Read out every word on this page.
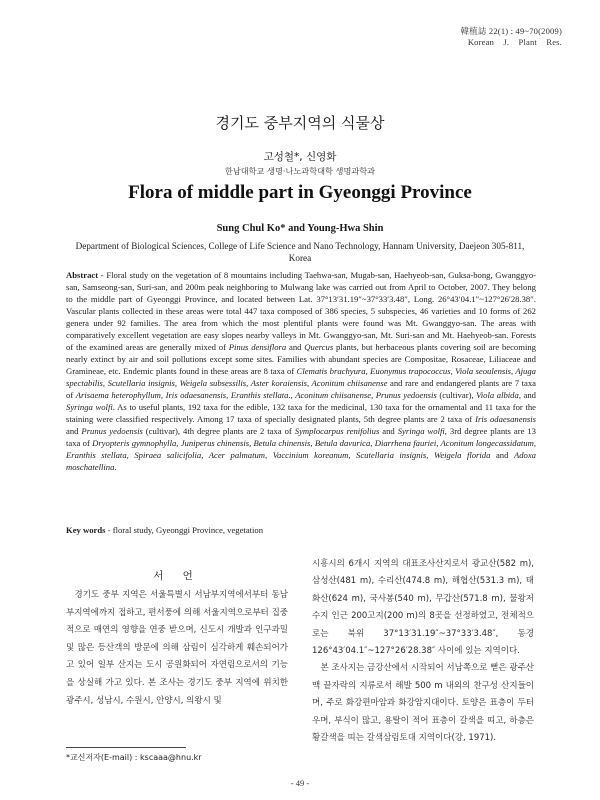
韓植誌 22(1) : 49~70(2009)
Korean J. Plant Res.
경기도 중부지역의 식물상
고성철*, 신영화
한남대학교 생명·나노과학대학 생명과학과
Flora of middle part in Gyeonggi Province
Sung Chul Ko* and Young-Hwa Shin
Department of Biological Sciences, College of Life Science and Nano Technology, Hannam University, Daejeon 305-811, Korea
Abstract - Floral study on the vegetation of 8 mountains including Taehwa-san, Mugab-san, Haehyeob-san, Guksa-bong, Gwanggyo-san, Samseong-san, Suri-san, and 200m peak neighboring to Mulwang lake was carried out from April to October, 2007. They belong to the middle part of Gyeonggi Province, and located between Lat. 37°13′31.19″~37°33′3.48″, Long. 26°43′04.1″~127°26′28.38″. Vascular plants collected in these areas were total 447 taxa composed of 386 species, 5 subspecies, 46 varieties and 10 forms of 262 genera under 92 families. The area from which the most plentiful plants were found was Mt. Gwanggyo-san. The areas with comparatively excellent vegetation are easy slopes nearby valleys in Mt. Gwanggyo-san, Mt. Suri-san and Mt. Haehyeob-san. Forests of the examined areas are generally mixed of Pinus densiflora and Quercus plants, but herbaceous plants covering soil are becoming nearly extinct by air and soil pollutions except some sites. Families with abundant species are Compositae, Rosaceae, Liliaceae and Gramineae, etc. Endemic plants found in these areas are 8 taxa of Clematis brachyura, Euonymus trapococcus, Viola seoulensis, Ajuga spectabilis, Scutellaria insignis, Weigela subsessilis, Aster koraiensis, Aconitum chiisanense and rare and endangered plants are 7 taxa of Arisaema heterophyllum, Iris odaesanensis, Eranthis stellata., Aconitum chiisanense, Prunus yedoensis (cultivar), Viola albida, and Syringa wolfi. As to useful plants, 192 taxa for the edible, 132 taxa for the medicinal, 130 taxa for the ornamental and 11 taxa for the staining were classified respectively. Among 17 taxa of specially designated plants, 5th degree plants are 2 taxa of Iris odaesanensis and Prunus yedoensis (cultivar), 4th degree plants are 2 taxa of Symplocarpus renifolius and Syringa wolfi, 3rd degree plants are 13 taxa of Dryopteris gymnophylla, Juniperus chinensis, Betula chinensis, Betula davurica, Diarrhena fauriei, Aconitum longecassidatum, Eranthis stellata, Spiraea salicifolia, Acer palmatum, Vaccinium koreanum, Scutellaria insignis, Weigela florida and Adoxa moschatellina.
Key words - floral study, Gyeonggi Province, vegetation
서 언

경기도 중부 지역은 서울특별시 서남부지역에서부터 동남부지역에까지 접하고, 편서풍에 의해 서울지역으로부터 집중적으로 매연의 영향을 연중 받으며, 신도시 개발과 인구과밀 및 많은 등산객의 방문에 의해 삼림이 심각하게 훼손되어가고 있어 일부 산지는 도시 공원화되어 자연림으로서의 기능을 상실해 가고 있다. 본 조사는 경기도 중부 지역에 위치한 광주시, 성남시, 수원시, 안양시, 의왕시 및

시흥시의 6개시 지역의 대표조사산지로서 광교산(582 m), 삼성산(481 m), 수리산(474.8 m), 해협산(531.3 m), 태화산(624 m), 국사봉(540 m), 무갑산(571.8 m), 물왕저수지 인근 200고지(200 m)의 8곳을 선정하였고, 전체적으로는 북위 37°13′31.19″~37°33′3.48″, 동경 126°43′04.1″~127°26′28.38″ 사이에 있는 지역이다.

본 조사지는 금강산에서 시작되어 서남쪽으로 뻗은 광주산맥 끝자락의 지류로서 해발 500 m 내외의 찬구성 산지들이며, 주로 화강편마암과 화강암지대이다. 토양은 표층이 두터우며, 부식이 많고, 용탈이 적어 표층이 갈색을 띠고, 하층은 황갈색을 띠는 갈색삼림토대 지역이다(강, 1971).

*교신저자(E-mail) : kscaaa@hnu.kr
- 49 -
